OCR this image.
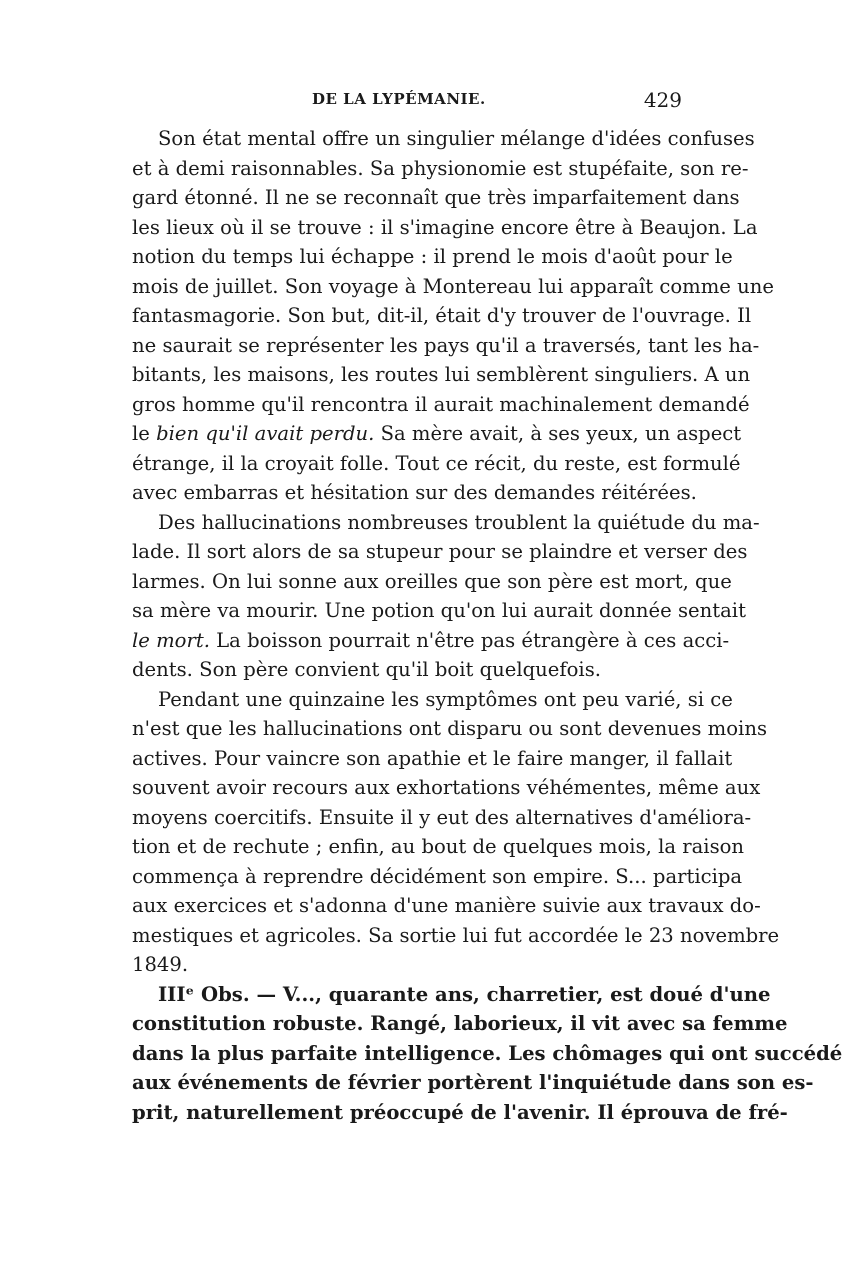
DE LA LYPÉMANIE.	429
Son état mental offre un singulier mélange d'idées confuses
et à demi raisonnables. Sa physionomie est stupéfaite, son re-
gard étonné. Il ne se reconnaît que très imparfaitement dans
les lieux où il se trouve : il s'imagine encore être à Beaujon. La
notion du temps lui échappe : il prend le mois d'août pour le
mois de juillet. Son voyage à Montereau lui apparaît comme une
fantasmagorie. Son but, dit-il, était d'y trouver de l'ouvrage. Il
ne saurait se représenter les pays qu'il a traversés, tant les ha-
bitants, les maisons, les routes lui semblèrent singuliers. A un
gros homme qu'il rencontra il aurait machinalement demandé
le bien qu'il avait perdu. Sa mère avait, à ses yeux, un aspect
étrange, il la croyait folle. Tout ce récit, du reste, est formulé
avec embarras et hésitation sur des demandes réitérées.
Des hallucinations nombreuses troublent la quiétude du ma-
lade. Il sort alors de sa stupeur pour se plaindre et verser des
larmes. On lui sonne aux oreilles que son père est mort, que
sa mère va mourir. Une potion qu'on lui aurait donnée sentait
le mort. La boisson pourrait n'être pas étrangère à ces acci-
dents. Son père convient qu'il boit quelquefois.
Pendant une quinzaine les symptômes ont peu varié, si ce
n'est que les hallucinations ont disparu ou sont devenues moins
actives. Pour vaincre son apathie et le faire manger, il fallait
souvent avoir recours aux exhortations véhémentes, même aux
moyens coercitifs. Ensuite il y eut des alternatives d'améliora-
tion et de rechute ; enfin, au bout de quelques mois, la raison
commença à reprendre décidément son empire. S... participa
aux exercices et s'adonna d'une manière suivie aux travaux do-
mestiques et agricoles. Sa sortie lui fut accordée le 23 novembre
1849.
IIIᵉ Obs. — V..., quarante ans, charretier, est doué d'une
constitution robuste. Rangé, laborieux, il vit avec sa femme
dans la plus parfaite intelligence. Les chômages qui ont succédé
aux événements de février portèrent l'inquiétude dans son es-
prit, naturellement préoccupé de l'avenir. Il éprouva de fré-
